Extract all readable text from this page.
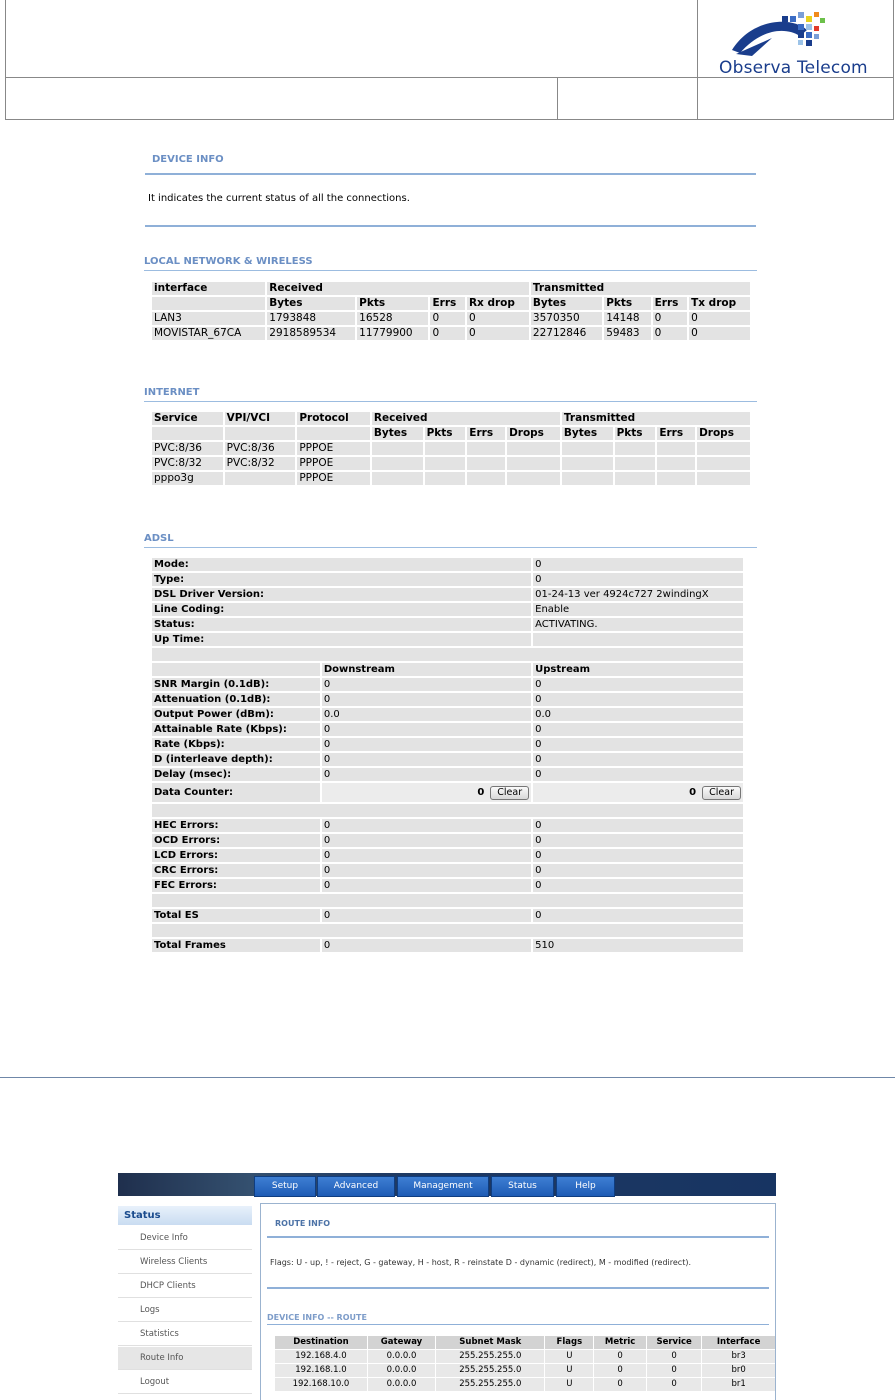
Observa Telecom
DEVICE INFO
It indicates the current status of all the connections.
LOCAL NETWORK & WIRELESS
interface	Received				Transmitted			
	Bytes	Pkts	Errs	Rx drop	Bytes	Pkts	Errs	Tx drop
LAN3	1793848	16528	0	0	3570350	14148	0	0
MOVISTAR_67CA	2918589534	11779900	0	0	22712846	59483	0	0
INTERNET
Service	VPI/VCI	Protocol	Received				Transmitted			
			Bytes	Pkts	Errs	Drops	Bytes	Pkts	Errs	Drops
PVC:8/36	PVC:8/36	PPPOE								
PVC:8/32	PVC:8/32	PPPOE								
pppo3g		PPPOE								
ADSL
Mode:		0
Type:		0
DSL Driver Version:		01-24-13 ver 4924c727 2windingX
Line Coding:		Enable
Status:		ACTIVATING.
Up Time:		

	Downstream	Upstream
SNR Margin (0.1dB):	0	0
Attenuation (0.1dB):	0	0
Output Power (dBm):	0.0	0.0
Attainable Rate (Kbps):	0	0
Rate (Kbps):	0	0
D (interleave depth):	0	0
Delay (msec):	0	0
Data Counter:	0 Clear	0 Clear

HEC Errors:	0	0
OCD Errors:	0	0
LCD Errors:	0	0
CRC Errors:	0	0
FEC Errors:	0	0

Total ES	0	0

Total Frames	0	510
Setup	Advanced	Management	Status	Help
Status
Device Info
Wireless Clients
DHCP Clients
Logs
Statistics
Route Info
Logout
ROUTE INFO
Flags: U - up, ! - reject, G - gateway, H - host, R - reinstate D - dynamic (redirect), M - modified (redirect).
DEVICE INFO -- ROUTE
Destination	Gateway	Subnet Mask	Flags	Metric	Service	Interface
192.168.4.0	0.0.0.0	255.255.255.0	U	0	0	br3
192.168.1.0	0.0.0.0	255.255.255.0	U	0	0	br0
192.168.10.0	0.0.0.0	255.255.255.0	U	0	0	br1
